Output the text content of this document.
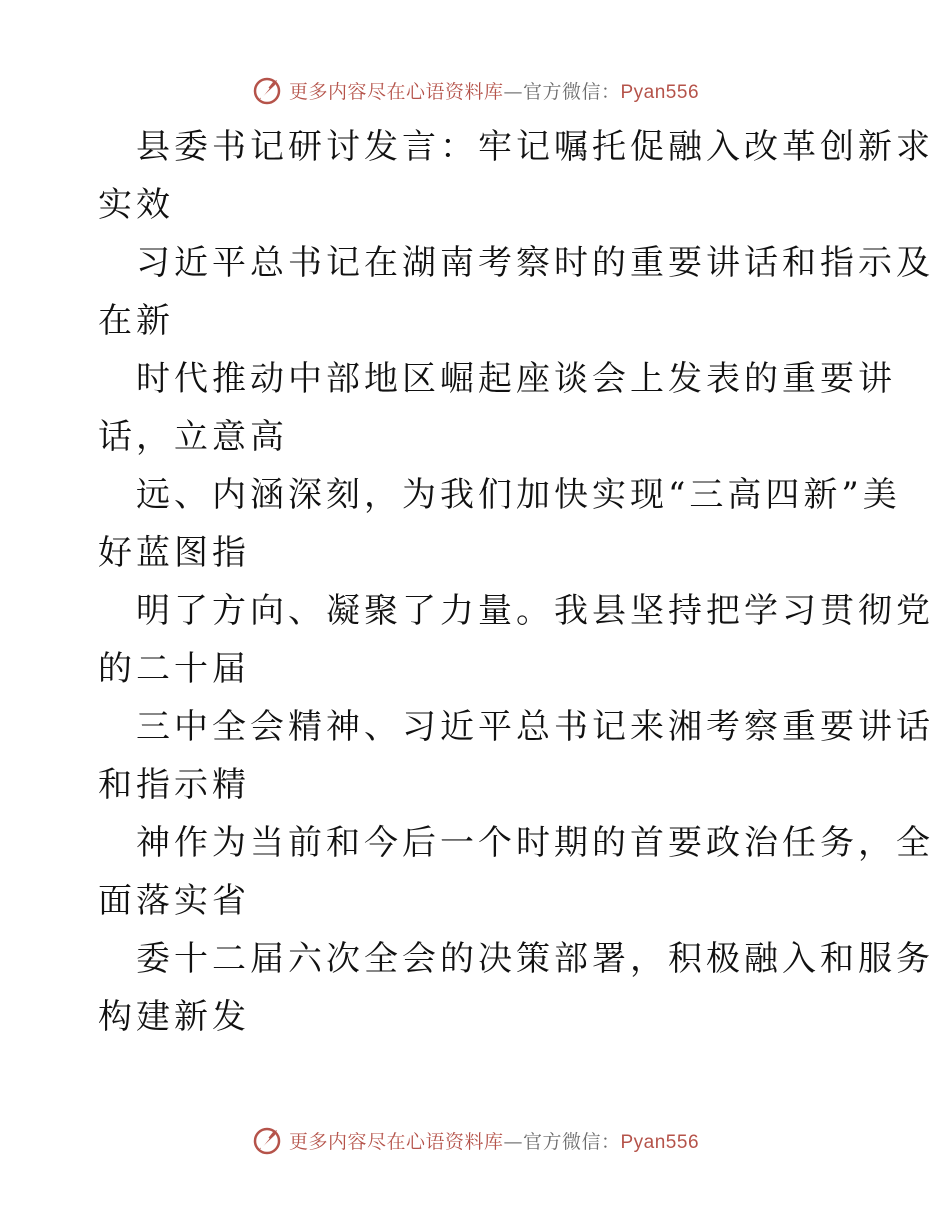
更多内容尽在心语资料库—官方微信：Pyan556
县委书记研讨发言：牢记嘱托促融入改革创新求
实效
习近平总书记在湖南考察时的重要讲话和指示及
在新
时代推动中部地区崛起座谈会上发表的重要讲
话，立意高
远、内涵深刻，为我们加快实现“三高四新”美
好蓝图指
明了方向、凝聚了力量。我县坚持把学习贯彻党
的二十届
三中全会精神、习近平总书记来湘考察重要讲话
和指示精
神作为当前和今后一个时期的首要政治任务，全
面落实省
委十二届六次全会的决策部署，积极融入和服务
构建新发
更多内容尽在心语资料库—官方微信：Pyan556
